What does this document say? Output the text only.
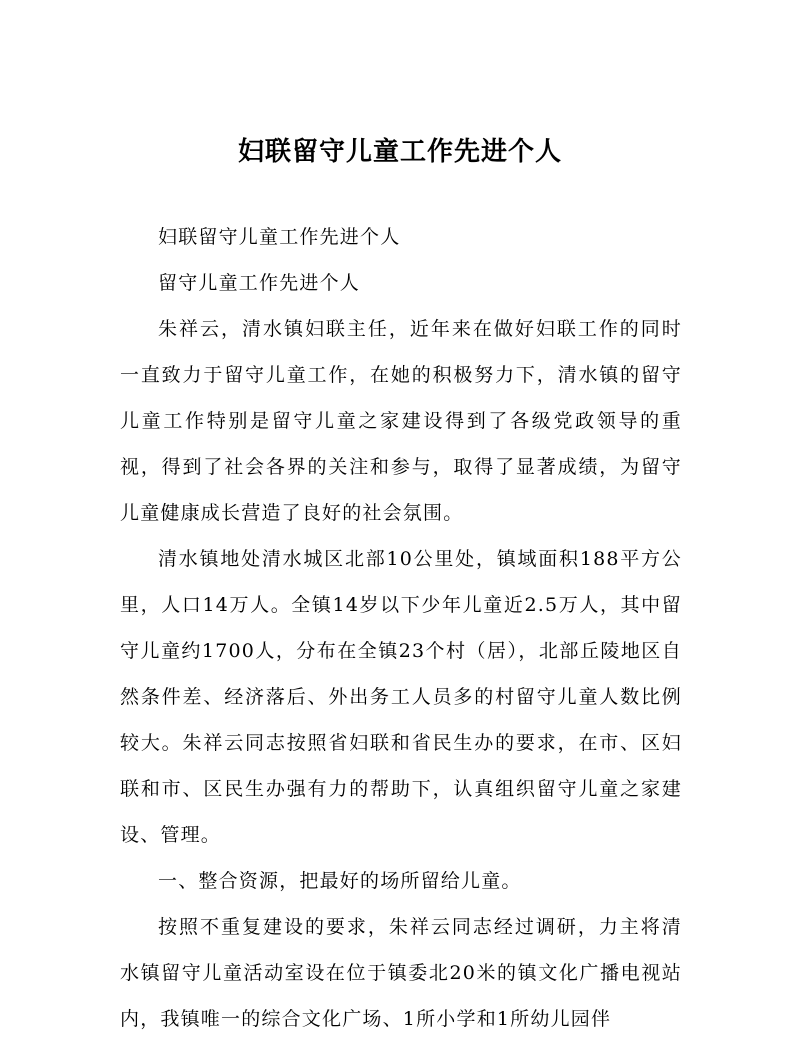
妇联留守儿童工作先进个人

妇联留守儿童工作先进个人

留守儿童工作先进个人

朱祥云，清水镇妇联主任，近年来在做好妇联工作的同时一直致力于留守儿童工作，在她的积极努力下，清水镇的留守儿童工作特别是留守儿童之家建设得到了各级党政领导的重视，得到了社会各界的关注和参与，取得了显著成绩，为留守儿童健康成长营造了良好的社会氛围。

清水镇地处清水城区北部10公里处，镇域面积188平方公里，人口14万人。全镇14岁以下少年儿童近2.5万人，其中留守儿童约1700人，分布在全镇23个村（居），北部丘陵地区自然条件差、经济落后、外出务工人员多的村留守儿童人数比例较大。朱祥云同志按照省妇联和省民生办的要求，在市、区妇联和市、区民生办强有力的帮助下，认真组织留守儿童之家建设、管理。

一、整合资源，把最好的场所留给儿童。

按照不重复建设的要求，朱祥云同志经过调研，力主将清水镇留守儿童活动室设在位于镇委北20米的镇文化广播电视站内，我镇唯一的综合文化广场、1所小学和1所幼儿园伴
